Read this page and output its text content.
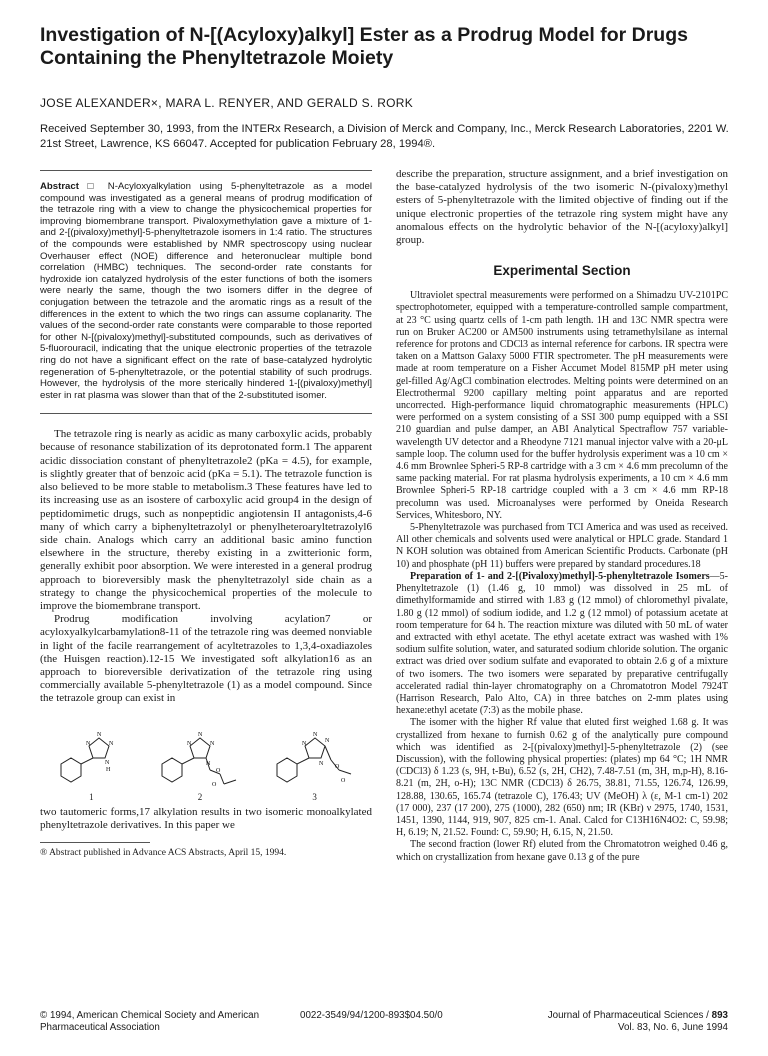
Investigation of N-[(Acyloxy)alkyl] Ester as a Prodrug Model for Drugs Containing the Phenyltetrazole Moiety
JOSE ALEXANDER×, MARA L. RENYER, AND GERALD S. RORK
Received September 30, 1993, from the INTERx Research, a Division of Merck and Company, Inc., Merck Research Laboratories, 2201 W. 21st Street, Lawrence, KS 66047. Accepted for publication February 28, 1994®.

Abstract □ N-Acyloxyalkylation using 5-phenyltetrazole as a model compound was investigated as a general means of prodrug modification of the tetrazole ring with a view to change the physicochemical properties for improving biomembrane transport. Pivaloxymethylation gave a mixture of 1- and 2-[(pivaloxy)methyl]-5-phenyltetrazole isomers in 1:4 ratio. The structures of the compounds were established by NMR spectroscopy using nuclear Overhauser effect (NOE) difference and heteronuclear multiple bond correlation (HMBC) techniques. The second-order rate constants for hydroxide ion catalyzed hydrolysis of the ester functions of both the isomers were nearly the same, though the two isomers differ in the degree of conjugation between the tetrazole and the aromatic rings as a result of the differences in the extent to which the two rings can assume coplanarity. The values of the second-order rate constants were comparable to those reported for other N-[(pivaloxy)methyl]-substituted compounds, such as derivatives of 5-fluorouracil, indicating that the unique electronic properties of the tetrazole ring do not have a significant effect on the rate of base-catalyzed hydrolytic regeneration of 5-phenyltetrazole, or the potential stability of such prodrugs. However, the hydrolysis of the more sterically hindered 1-[(pivaloxy)methyl] ester in rat plasma was slower than that of the 2-substituted isomer.

The tetrazole ring is nearly as acidic as many carboxylic acids, probably because of resonance stabilization of its deprotonated form.1 The apparent acidic dissociation constant of phenyltetrazole2 (pKa = 4.5), for example, is slightly greater that of benzoic acid (pKa = 5.1). The tetrazole function is also believed to be more stable to metabolism.3 These features have led to its increasing use as an isostere of carboxylic acid group4 in the design of peptidomimetic drugs, such as nonpeptidic angiotensin II antagonists,4-6 many of which carry a biphenyltetrazolyl or phenylheteroaryltetrazolyl6 side chain. Analogs which carry an additional basic amino function elsewhere in the structure, thereby existing in a zwitterionic form, generally exhibit poor absorption. We were interested in a general prodrug approach to bioreversibly mask the phenyltetrazolyl side chain as a strategy to change the physicochemical properties of the molecule to improve the biomembrane transport.

Prodrug modification involving acylation7 or acyloxyalkylcarbamylation8-11 of the tetrazole ring was deemed nonviable in light of the facile rearrangement of acyltetrazoles to 1,3,4-oxadiazoles (the Huisgen reaction).12-15 We investigated soft alkylation16 as an approach to bioreversible derivatization of the tetrazole ring using commercially available 5-phenyltetrazole (1) as a model compound. Since the tetrazole group can exist in

N
N
N
N
H
1
N
N
N
N
O
O
2
N
N
N
N O
O
3

two tautomeric forms,17 alkylation results in two isomeric monoalkylated phenyltetrazole derivatives. In this paper we

® Abstract published in Advance ACS Abstracts, April 15, 1994.

describe the preparation, structure assignment, and a brief investigation on the base-catalyzed hydrolysis of the two isomeric N-(pivaloxy)methyl esters of 5-phenyltetrazole with the limited objective of finding out if the unique electronic properties of the tetrazole ring system might have any anomalous effects on the hydrolytic behavior of the N-[(acyloxy)alkyl] group.

Experimental Section

Ultraviolet spectral measurements were performed on a Shimadzu UV-2101PC spectrophotometer, equipped with a temperature-controlled sample compartment, at 23 °C using quartz cells of 1-cm path length. 1H and 13C NMR spectra were run on Bruker AC200 or AM500 instruments using tetramethylsilane as internal reference for protons and CDCl3 as internal reference for carbons. IR spectra were taken on a Mattson Galaxy 5000 FTIR spectrometer. The pH measurements were made at room temperature on a Fisher Accumet Model 815MP pH meter using gel-filled Ag/AgCl combination electrodes. Melting points were determined on an Electrothermal 9200 capillary melting point apparatus and are reported uncorrected. High-performance liquid chromatographic measurements (HPLC) were performed on a system consisting of a SSI 300 pump equipped with a SSI 210 guardian and pulse damper, an ABI Analytical Spectraflow 757 variable-wavelength UV detector and a Rheodyne 7121 manual injector valve with a 20-μL sample loop. The column used for the buffer hydrolysis experiment was a 10 cm × 4.6 mm Brownlee Spheri-5 RP-8 cartridge with a 3 cm × 4.6 mm precolumn of the same packing material. For rat plasma hydrolysis experiments, a 10 cm × 4.6 mm Brownlee Spheri-5 RP-18 cartridge coupled with a 3 cm × 4.6 mm RP-18 precolumn was used. Microanalyses were performed by Oneida Research Services, Whitesboro, NY.

5-Phenyltetrazole was purchased from TCI America and was used as received. All other chemicals and solvents used were analytical or HPLC grade. Standard 1 N KOH solution was obtained from American Scientific Products. Carbonate (pH 10) and phosphate (pH 11) buffers were prepared by standard procedures.18

Preparation of 1- and 2-[(Pivaloxy)methyl]-5-phenyltetrazole Isomers—5-Phenyltetrazole (1) (1.46 g, 10 mmol) was dissolved in 25 mL of dimethylformamide and stirred with 1.83 g (12 mmol) of chloromethyl pivalate, 1.80 g (12 mmol) of sodium iodide, and 1.2 g (12 mmol) of potassium acetate at room temperature for 64 h. The reaction mixture was diluted with 50 mL of water and extracted with ethyl acetate. The ethyl acetate extract was washed with 1% sodium sulfite solution, water, and saturated sodium chloride solution. The organic extract was dried over sodium sulfate and evaporated to obtain 2.6 g of a mixture of two isomers. The two isomers were separated by preparative centrifugally accelerated radial thin-layer chromatography on a Chromatotron Model 7924T (Harrison Research, Palo Alto, CA) in three batches on 2-mm plates using hexane:ethyl acetate (7:3) as the mobile phase.

The isomer with the higher Rf value that eluted first weighed 1.68 g. It was crystallized from hexane to furnish 0.62 g of the analytically pure compound which was identified as 2-[(pivaloxy)methyl]-5-phenyltetrazole (2) (see Discussion), with the following physical properties: (plates) mp 64 °C; 1H NMR (CDCl3) δ 1.23 (s, 9H, t-Bu), 6.52 (s, 2H, CH2), 7.48-7.51 (m, 3H, m,p-H), 8.16-8.21 (m, 2H, o-H); 13C NMR (CDCl3) δ 26.75, 38.81, 71.55, 126.74, 126.99, 128.88, 130.65, 165.74 (tetrazole C), 176.43; UV (MeOH) λ (ε, M-1 cm-1) 202 (17 000), 237 (17 200), 275 (1000), 282 (650) nm; IR (KBr) ν 2975, 1740, 1531, 1451, 1390, 1144, 919, 907, 825 cm-1. Anal. Calcd for C13H16N4O2: C, 59.98; H, 6.19; N, 21.52. Found: C, 59.90; H, 6.15, N, 21.50.

The second fraction (lower Rf) eluted from the Chromatotron weighed 0.46 g, which on crystallization from hexane gave 0.13 g of the pure

© 1994, American Chemical Society and American Pharmaceutical Association
0022-3549/94/1200-893$04.50/0	Journal of Pharmaceutical Sciences / 893
Vol. 83, No. 6, June 1994
